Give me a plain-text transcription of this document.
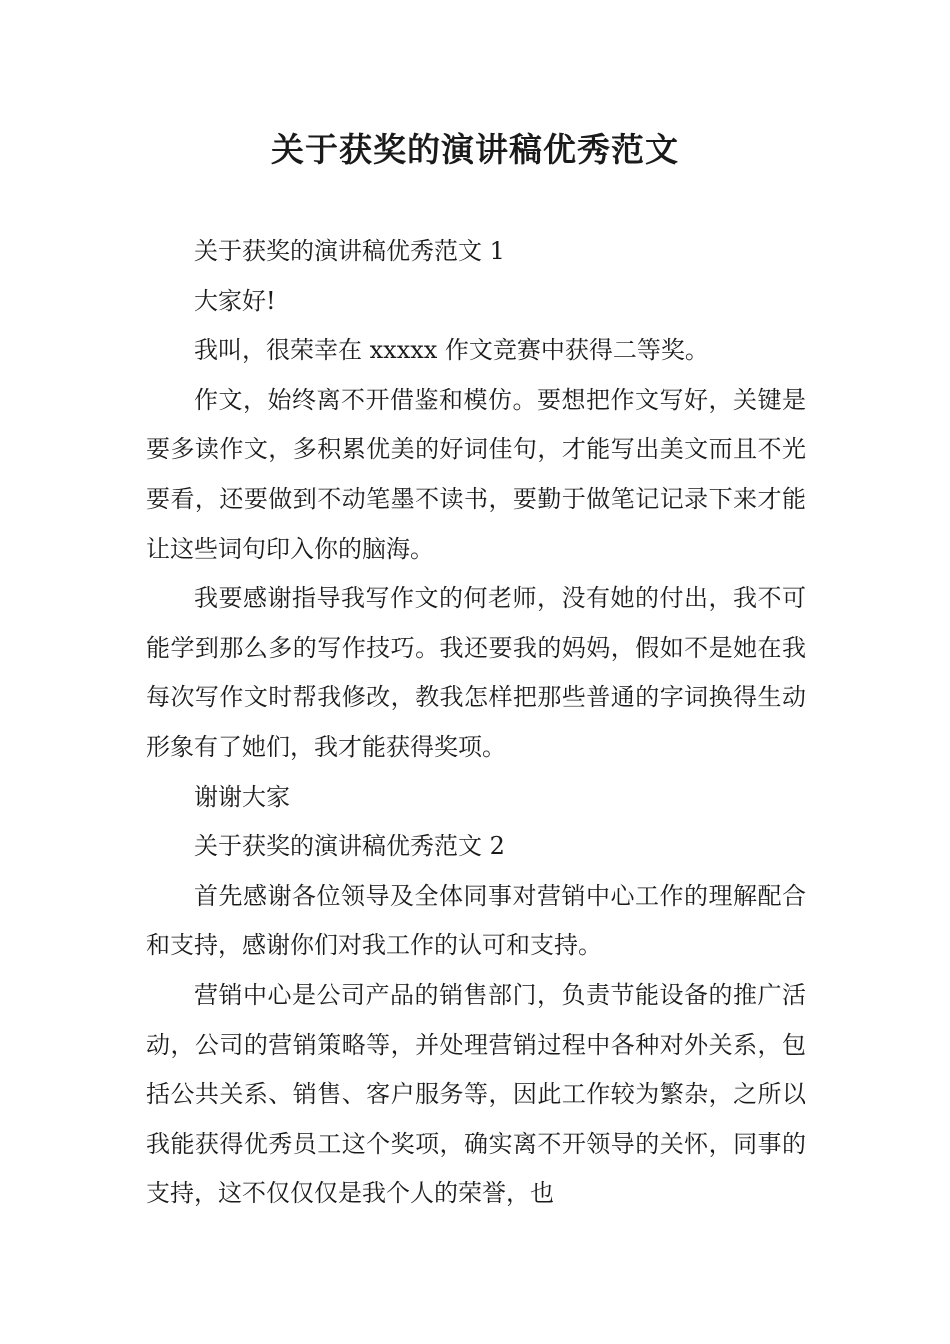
关于获奖的演讲稿优秀范文

关于获奖的演讲稿优秀范文 1

大家好!

我叫，很荣幸在 xxxxx 作文竞赛中获得二等奖。

作文，始终离不开借鉴和模仿。要想把作文写好，关键是要多读作文，多积累优美的好词佳句，才能写出美文而且不光要看，还要做到不动笔墨不读书，要勤于做笔记记录下来才能让这些词句印入你的脑海。

我要感谢指导我写作文的何老师，没有她的付出，我不可能学到那么多的写作技巧。我还要我的妈妈，假如不是她在我每次写作文时帮我修改，教我怎样把那些普通的字词换得生动形象有了她们，我才能获得奖项。

谢谢大家

关于获奖的演讲稿优秀范文 2

首先感谢各位领导及全体同事对营销中心工作的理解配合和支持，感谢你们对我工作的认可和支持。

营销中心是公司产品的销售部门，负责节能设备的推广活动，公司的营销策略等，并处理营销过程中各种对外关系，包括公共关系、销售、客户服务等，因此工作较为繁杂，之所以我能获得优秀员工这个奖项，确实离不开领导的关怀，同事的支持，这不仅仅仅是我个人的荣誉，也
